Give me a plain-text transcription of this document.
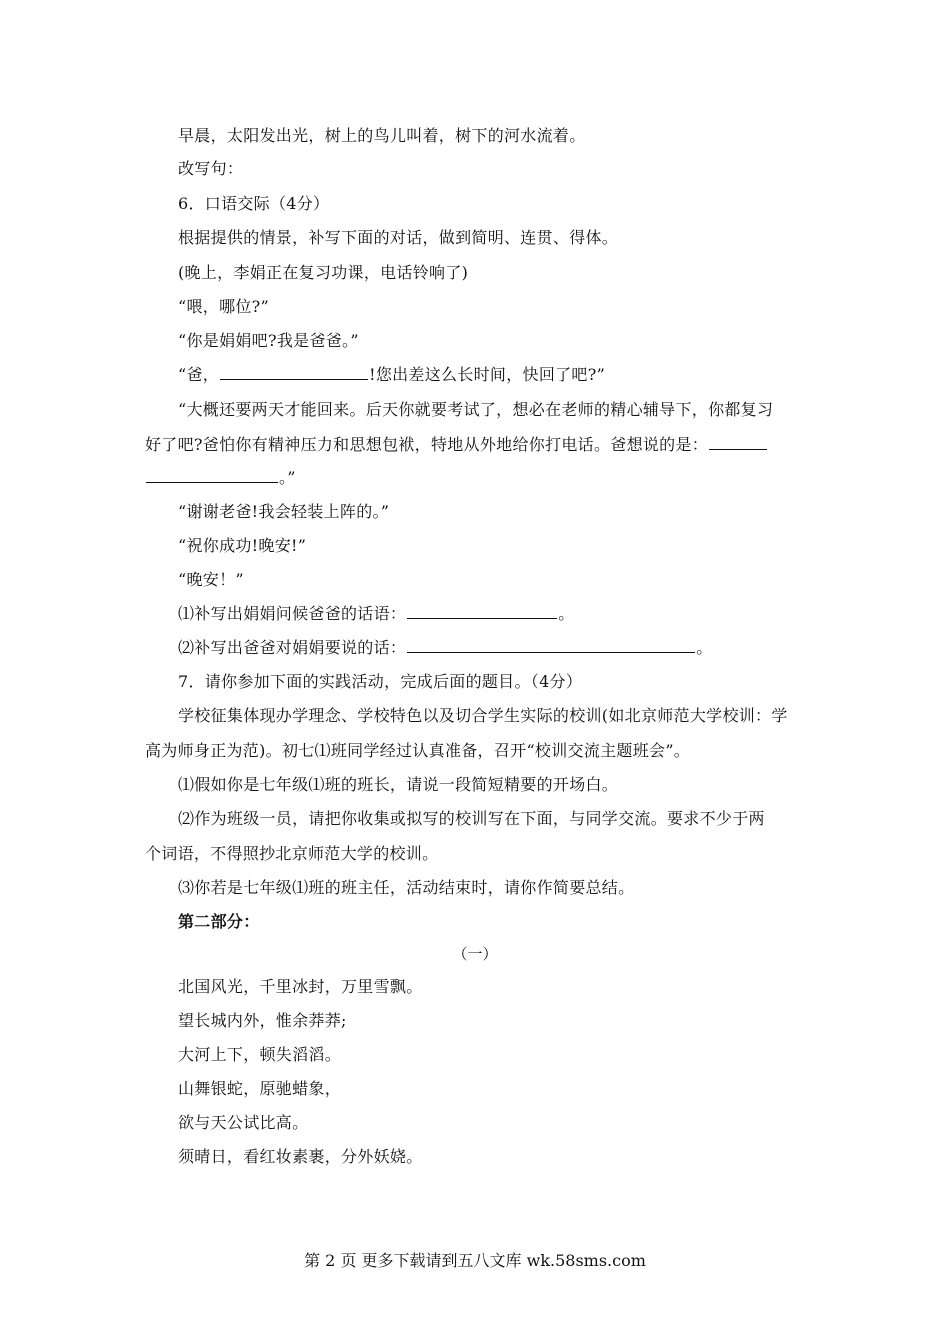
早晨，太阳发出光，树上的鸟儿叫着，树下的河水流着。
改写句：
6．口语交际（4分）
根据提供的情景，补写下面的对话，做到简明、连贯、得体。
(晚上，李娟正在复习功课，电话铃响了)
“喂，哪位?”
“你是娟娟吧?我是爸爸。”
“爸，	!您出差这么长时间，快回了吧?”
“大概还要两天才能回来。后天你就要考试了，想必在老师的精心辅导下，你都复习
好了吧?爸怕你有精神压力和思想包袱，特地从外地给你打电话。爸想说的是：
。”
“谢谢老爸!我会轻装上阵的。”
“祝你成功!晚安!”
“晚安！”
⑴补写出娟娟问候爸爸的话语：	。
⑵补写出爸爸对娟娟要说的话：	。
7．请你参加下面的实践活动，完成后面的题目。（4分）
学校征集体现办学理念、学校特色以及切合学生实际的校训(如北京师范大学校训：学
高为师身正为范)。初七⑴班同学经过认真准备，召开“校训交流主题班会”。
⑴假如你是七年级⑴班的班长，请说一段简短精要的开场白。
⑵作为班级一员，请把你收集或拟写的校训写在下面，与同学交流。要求不少于两
个词语，不得照抄北京师范大学的校训。
⑶你若是七年级⑴班的班主任，活动结束时，请你作简要总结。
第二部分：
（一）
北国风光，千里冰封，万里雪飘。
望长城内外，惟余莽莽;
大河上下，顿失滔滔。
山舞银蛇，原驰蜡象，
欲与天公试比高。
须晴日，看红妆素裹，分外妖娆。
第 2 页 更多下载请到五八文库 wk.58sms.com
